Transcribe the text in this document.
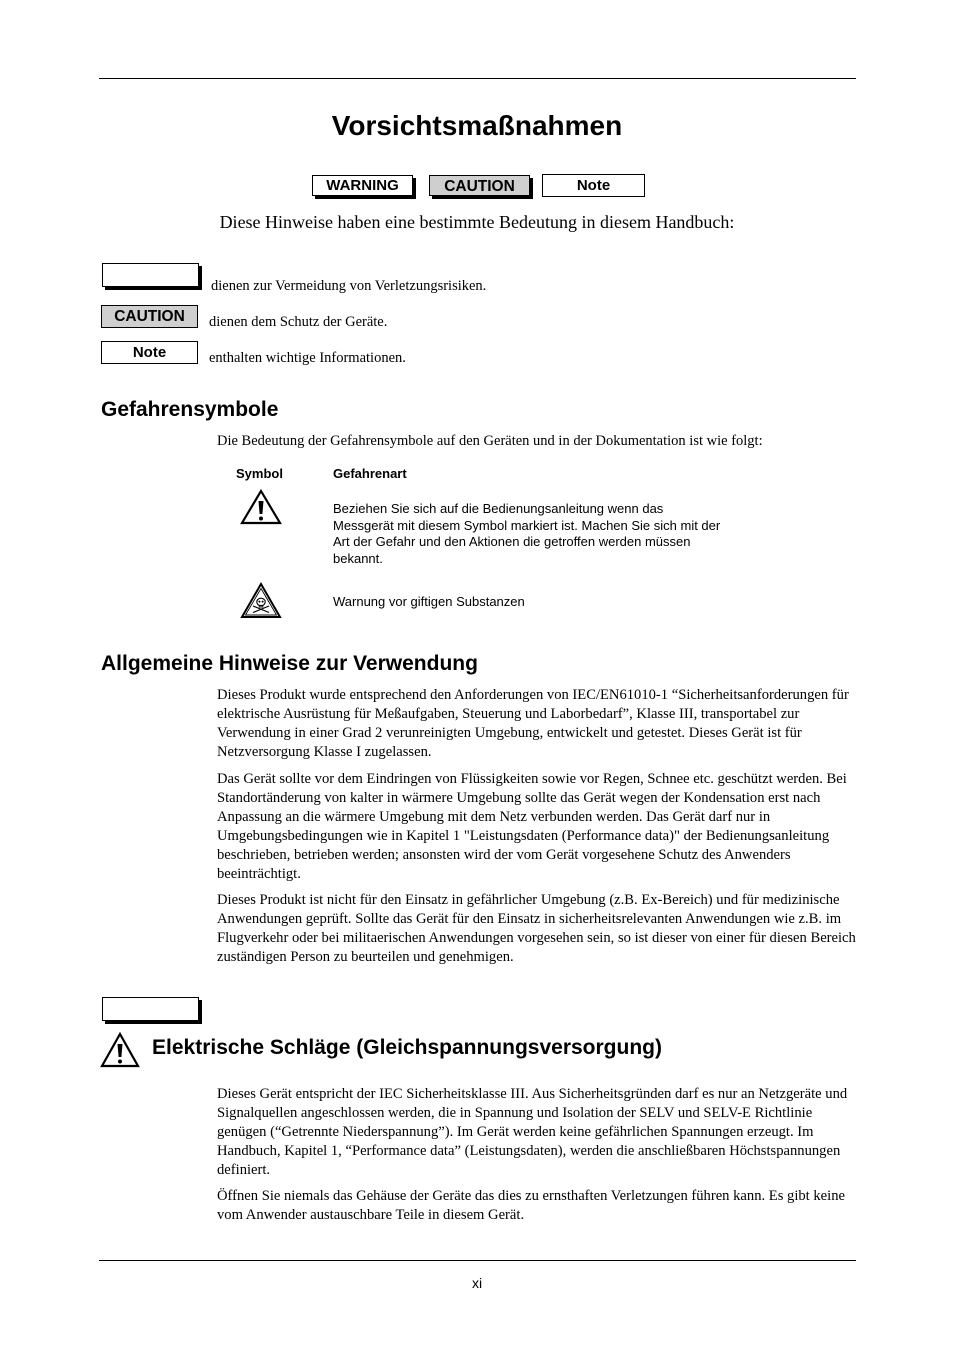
Vorsichtsmaßnahmen
WARNING	CAUTION	Note
Diese Hinweise haben eine bestimmte Bedeutung in diesem Handbuch:
dienen zur Vermeidung von Verletzungsrisiken.
CAUTION	dienen dem Schutz der Geräte.
Note	enthalten wichtige Informationen.
Gefahrensymbole
Die Bedeutung der Gefahrensymbole auf den Geräten und in der Dokumentation ist wie folgt:
Symbol	Gefahrenart
Beziehen Sie sich auf die Bedienungsanleitung wenn das Messgerät mit diesem Symbol markiert ist. Machen Sie sich mit der Art der Gefahr und den Aktionen die getroffen werden müssen bekannt.
Warnung vor giftigen Substanzen
Allgemeine Hinweise zur Verwendung

Dieses Produkt wurde entsprechend den Anforderungen von IEC/EN61010-1 “Sicherheitsanforderungen für elektrische Ausrüstung für Meßaufgaben, Steuerung und Laborbedarf”, Klasse III, transportabel zur Verwendung in einer Grad 2 verunreinigten Umgebung, entwickelt und getestet. Dieses Gerät ist für Netzversorgung Klasse I zugelassen.

Das Gerät sollte vor dem Eindringen von Flüssigkeiten sowie vor Regen, Schnee etc. geschützt werden. Bei Standortänderung von kalter in wärmere Umgebung sollte das Gerät wegen der Kondensation erst nach Anpassung an die wärmere Umgebung mit dem Netz verbunden werden. Das Gerät darf nur in Umgebungsbedingungen wie in Kapitel 1 "Leistungsdaten (Performance data)" der Bedienungsanleitung beschrieben, betrieben werden; ansonsten wird der vom Gerät vorgesehene Schutz des Anwenders beeinträchtigt.

Dieses Produkt ist nicht für den Einsatz in gefährlicher Umgebung (z.B. Ex-Bereich) und für medizinische Anwendungen geprüft. Sollte das Gerät für den Einsatz in sicherheitsrelevanten Anwendungen wie z.B. im Flugverkehr oder bei militaerischen Anwendungen vorgesehen sein, so ist dieser von einer für diesen Bereich zuständigen Person zu beurteilen und genehmigen.

Elektrische Schläge (Gleichspannungsversorgung)

Dieses Gerät entspricht der IEC Sicherheitsklasse III. Aus Sicherheitsgründen darf es nur an Netzgeräte und Signalquellen angeschlossen werden, die in Spannung und Isolation der SELV und SELV-E Richtlinie genügen (“Getrennte Niederspannung”). Im Gerät werden keine gefährlichen Spannungen erzeugt. Im Handbuch, Kapitel 1, “Performance data” (Leistungsdaten), werden die anschließbaren Höchstspannungen definiert.

Öffnen Sie niemals das Gehäuse der Geräte das dies zu ernsthaften Verletzungen führen kann. Es gibt keine vom Anwender austauschbare Teile in diesem Gerät.

xi
